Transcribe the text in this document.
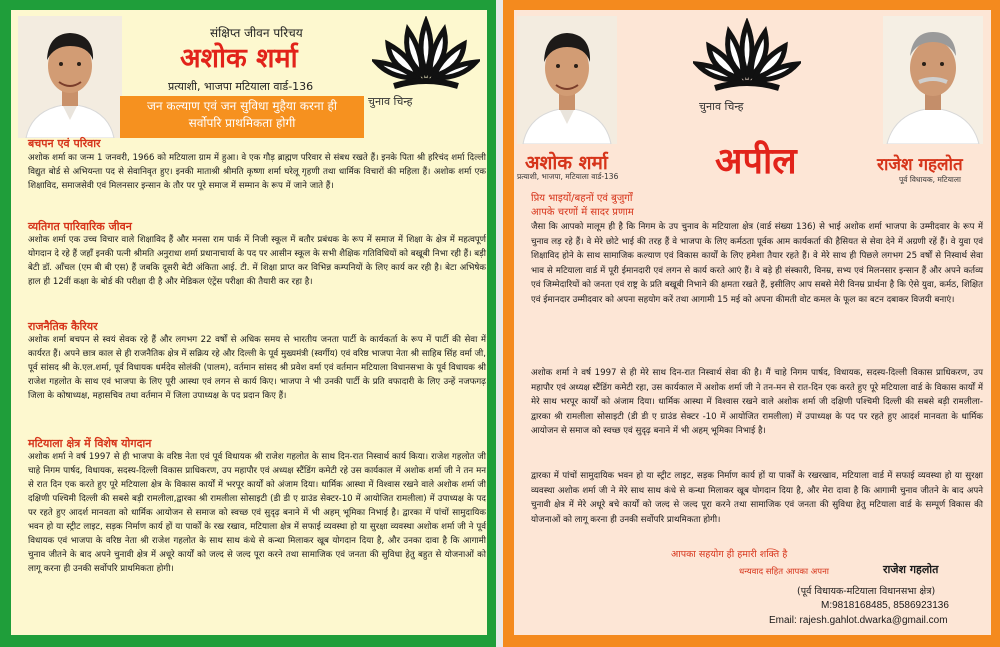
संक्षिप्त जीवन परिचय
अशोक शर्मा
प्रत्याशी, भाजपा मटियाला वार्ड-136
जन कल्याण एवं जन सुविधा मुहैया करना ही
सर्वोपरि प्राथमिकता होगी
चुनाव चिन्ह
बचपन एवं परिवार
अशोक शर्मा का जन्म 1 जनवरी, 1966 को मटियाला ग्राम में हुआ। वे एक गौड़ ब्राह्मण परिवार से संबध रखते हैं। इनके पिता श्री हरिचंद शर्मा दिल्ली विद्युत बोर्ड से अभियन्ता पद से सेवानिवृत हुए। इनकी माताश्री श्रीमति कृष्णा शर्मा घरेलू गृहणी तथा धार्मिक विचारों की महिला हैं। अशोक शर्मा एक शिक्षाविद, समाजसेवी एवं मिलनसार इन्सान के तौर पर पूरे समाज में सम्मान के रूप में जाने जाते हैं।
व्यतिगत पारिवारिक जीवन
अशोक शर्मा एक उच्च विचार वाले शिक्षाविद हैं और मनसा राम पार्क में निजी स्कूल में बतौर प्रबंधक के रूप में समाज में शिक्षा के क्षेत्र में महत्वपूर्ण योगदान दे रहे हैं जहाँ इनकी पत्नी श्रीमति अनुराधा शर्मा प्रधानाचार्या के पद पर आसीन स्कूल के सभी शैक्षिक गतिविधियों को बखूबी निभा रही हैं। बड़ी बेटी डॉ. आँचल (एम बी बी एस) हैं जबकि दूसरी बेटी अंकिता आई. टी. में शिक्षा प्राप्त कर विभिन्न कम्पनियों के लिए कार्य कर रही है। बेटा अभिषेक हाल ही 12वीं कक्षा के बोर्ड की परीक्षा दी है और मेडिकल एंट्रेंस परीक्षा की तैयारी कर रहा है।
राजनैतिक कैरियर
अशोक शर्मा बचपन से स्वयं सेवक रहे हैं और लगभग 22 वर्षों से अधिक समय से भारतीय जनता पार्टी के कार्यकर्ता के रूप में पार्टी की सेवा में कार्यरत हैं। अपने छात्र काल से ही राजनैतिक क्षेत्र में सक्रिय रहे और दिल्ली के पूर्व मुख्यमंत्री (स्वर्गीय) एवं वरिष्ठ भाजपा नेता श्री साहिब सिंह वर्मा जी, पूर्व सांसद श्री के.एल.शर्मा, पूर्व विधायक धर्मदेव सोलंकी (पालम), वर्तमान सांसद श्री प्रवेश वर्मा एवं वर्तमान मटियाला विधानसभा के पूर्व विधायक श्री राजेश गहलोत के साथ एवं भाजपा के लिए पूरी आस्था एवं लगन से कार्य किए। भाजपा ने भी उनकी पार्टी के प्रति वफादारी के लिए उन्हें नजफगढ़ जिला के कोषाध्यक्ष, महासचिव तथा वर्तमान में जिला उपाध्यक्ष के पद प्रदान किए हैं।
मटियाला क्षेत्र में विशेष योगदान
अशोक शर्मा ने वर्ष 1997 से ही भाजपा के वरिष्ठ नेता एवं पूर्व विधायक श्री राजेश गहलोत के साथ दिन-रात निस्वार्थ कार्य किया। राजेश गहलोत जी चाहे निगम पार्षद, विधायक, सदस्य-दिल्ली विकास प्राधिकरण, उप महापौर एवं अध्यक्ष स्टैंडिंग कमेटी रहे उस कार्यकाल में अशोक शर्मा जी ने तन मन से रात दिन एक करते हुए पूरे मटियाला क्षेत्र के विकास कार्यों में भरपूर कार्यों को अंजाम दिया। धार्मिक आस्था में विश्वास रखने वाले अशोक शर्मा जी दक्षिणी पश्चिमी दिल्ली की सबसे बड़ी रामलीला,द्वारका श्री रामलीला सोसाइटी (डी डी ए ग्राउंड सेक्टर-10 में आयोजित रामलीला) में उपाध्यक्ष के पद पर रहते हुए आदर्श मानवता को धार्मिक आयोजन से समाज को स्वच्छ एवं सुदृढ़ बनाने में भी अहम् भूमिका निभाई है। द्वारका में पांचों सामुदायिक भवन हो या स्ट्रीट लाइट, सड़क निर्माण कार्य हों या पार्कों के रख रखाव, मटियाला क्षेत्र में सफाई व्यवस्था हो या सुरक्षा व्यवस्था अशोक शर्मा जी ने पूर्व विधायक एवं भाजपा के वरिष्ठ नेता श्री राजेश गहलोत के साथ साथ कंधे से कन्धा मिलाकर खूब योगदान दिया है, और उनका दावा है कि आगामी चुनाव जीतने के बाद अपने चुनावी क्षेत्र में अधूरे कार्यों को जल्द से जल्द पूरा करने तथा सामाजिक एवं जनता की सुविधा हेतु बहुत से योजनाओं को लागू करना ही उनकी सर्वोपरि प्राथमिकता होगी।
अशोक शर्मा
प्रत्याशी, भाजपा, मटियाला वार्ड-136
चुनाव चिन्ह
अपील	राजेश गहलोत
पूर्व विधायक, मटियाला
प्रिय भाइयों/बहनों एवं बुजुर्गों
आपके चरणों में सादर प्रणाम
जैसा कि आपको मालूम ही है कि निगम के उप चुनाव के मटियाला क्षेत्र (वार्ड संख्या 136) से भाई अशोक शर्मा भाजपा के उम्मीदवार के रूप में चुनाव लड़ रहे हैं। वे मेरे छोटे भाई की तरह हैं वे भाजपा के लिए कर्मठता पूर्वक आम कार्यकर्ता की हैसियत से सेवा देने में अग्रणी रहें हैं। वे युवा एवं शिक्षाविद होने के साथ सामाजिक कल्याण एवं विकास कार्यों के लिए हमेशा तैयार रहते हैं। वे मेरे साथ ही पिछले लगभग 25 वर्षों से निस्वार्थ सेवा भाव से मटियाला वार्ड में पूरी ईमानदारी एवं लगन से कार्य करते आएं हैं। वे बड़े ही संस्कारी, विनम्र, सभ्य एवं मिलनसार इन्सान हैं और अपने कर्तव्य एवं जिम्मेदारियों को जनता एवं राष्ट्र के प्रति बखूबी निभाने की क्षमता रखते हैं, इसीलिए आप सबसे मेरी विनम्र प्रार्थना है कि ऐसे युवा, कर्मठ, शिक्षित एवं ईमानदार उम्मीदवार को अपना सहयोग करें तथा आगामी 15 मई को अपना कीमती वोट कमल के फूल का बटन दबाकर विजयी बनाएं।
अशोक शर्मा ने वर्ष 1997 से ही मेरे साथ दिन-रात निस्वार्थ सेवा की है। मैं चाहे निगम पार्षद, विधायक, सदस्य-दिल्ली विकास प्राधिकरण, उप महापौर एवं अध्यक्ष स्टैंडिंग कमेटी रहा, उस कार्यकाल में अशोक शर्मा जी ने तन-मन से रात-दिन एक करते हुए पूरे मटियाला वार्ड के विकास कार्यों में मेरे साथ भरपूर कार्यों को अंजाम दिया। धार्मिक आस्था में विश्वास रखने वाले अशोक शर्मा जी दक्षिणी पश्चिमी दिल्ली की सबसे बड़ी रामलीला-द्वारका श्री रामलीला सोसाइटी (डी डी ए ग्राउंड सेक्टर -10 में आयोजित रामलीला) में उपाध्यक्ष के पद पर रहते हुए आदर्श मानवता के धार्मिक आयोजन से समाज को स्वच्छ एवं सुदृढ़ बनाने में भी अहम् भूमिका निभाई है।
द्वारका में पांचों सामुदायिक भवन हो या स्ट्रीट लाइट, सड़क निर्माण कार्य हों या पार्कों के रखरखाव, मटियाला वार्ड में सफाई व्यवस्था हो या सुरक्षा व्यवस्था अशोक शर्मा जी ने मेरे साथ साथ कंधे से कन्धा मिलाकर खूब योगदान दिया है, और मेरा दावा है कि आगामी चुनाव जीतने के बाद अपने चुनावी क्षेत्र में मेरे अधूरे बचे कार्यों को जल्द से जल्द पूरा करने तथा सामाजिक एवं जनता की सुविधा हेतु मटियाला वार्ड के सम्पूर्ण विकास की योजनाओं को लागू करना ही उनकी सर्वोपरि प्राथमिकता होगी।
आपका सहयोग ही हमारी शक्ति है
धन्यवाद सहित आपका अपना	राजेश गहलोत
(पूर्व विधायक-मटियाला विधानसभा क्षेत्र)
M:9818168485, 8586923136
Email: rajesh.gahlot.dwarka@gmail.com
